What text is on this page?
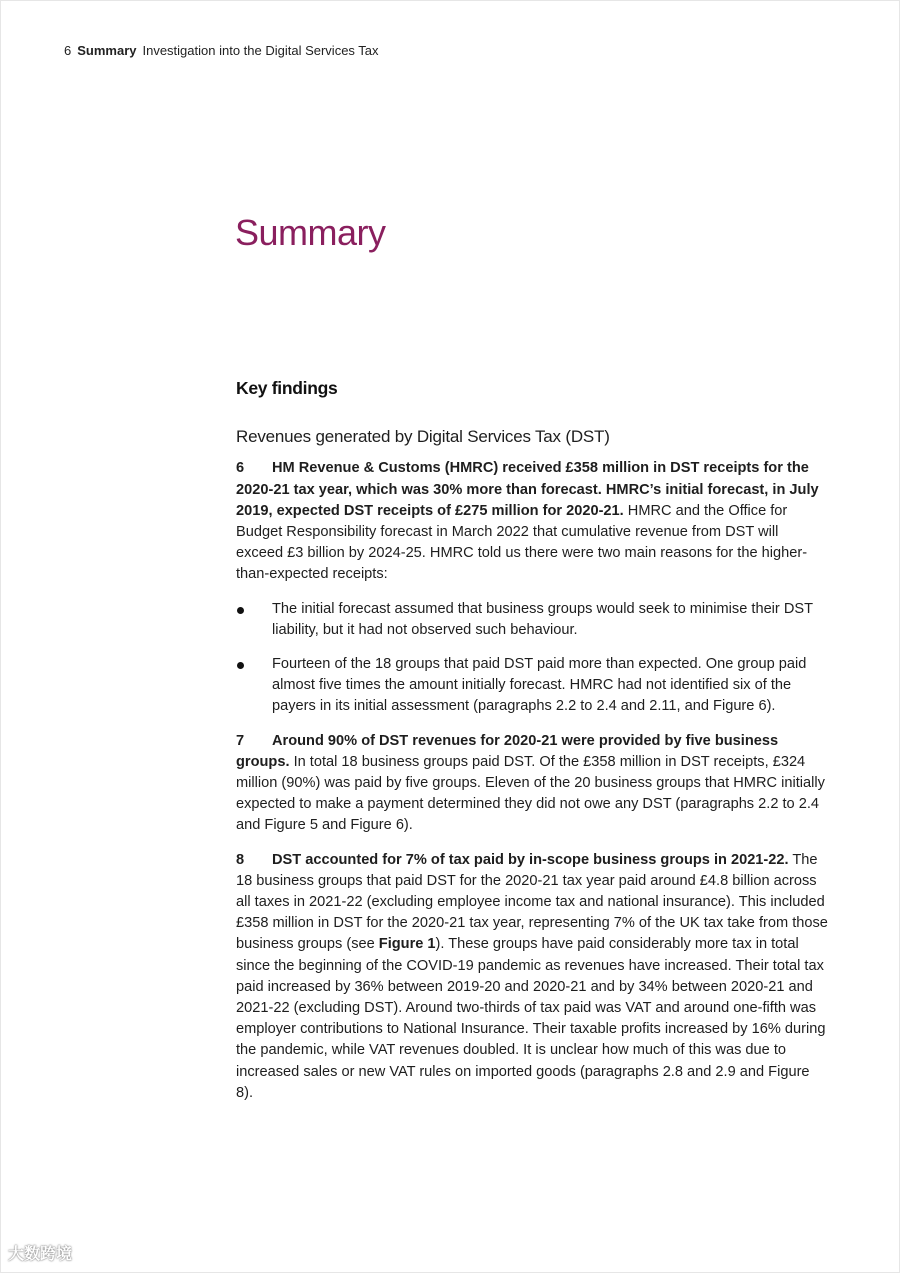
6 Summary Investigation into the Digital Services Tax
Summary
Key findings
Revenues generated by Digital Services Tax (DST)

6 HM Revenue & Customs (HMRC) received £358 million in DST receipts for the 2020-21 tax year, which was 30% more than forecast. HMRC’s initial forecast, in July 2019, expected DST receipts of £275 million for 2020-21. HMRC and the Office for Budget Responsibility forecast in March 2022 that cumulative revenue from DST will exceed £3 billion by 2024-25. HMRC told us there were two main reasons for the higher-than-expected receipts:

The initial forecast assumed that business groups would seek to minimise their DST liability, but it had not observed such behaviour.
Fourteen of the 18 groups that paid DST paid more than expected. One group paid almost five times the amount initially forecast. HMRC had not identified six of the payers in its initial assessment (paragraphs 2.2 to 2.4 and 2.11, and Figure 6).

7 Around 90% of DST revenues for 2020-21 were provided by five business groups. In total 18 business groups paid DST. Of the £358 million in DST receipts, £324 million (90%) was paid by five groups. Eleven of the 20 business groups that HMRC initially expected to make a payment determined they did not owe any DST (paragraphs 2.2 to 2.4 and Figure 5 and Figure 6).

8 DST accounted for 7% of tax paid by in-scope business groups in 2021-22. The 18 business groups that paid DST for the 2020-21 tax year paid around £4.8 billion across all taxes in 2021-22 (excluding employee income tax and national insurance). This included £358 million in DST for the 2020-21 tax year, representing 7% of the UK tax take from those business groups (see Figure 1). These groups have paid considerably more tax in total since the beginning of the COVID-19 pandemic as revenues have increased. Their total tax paid increased by 36% between 2019-20 and 2020-21 and by 34% between 2020-21 and 2021-22 (excluding DST). Around two-thirds of tax paid was VAT and around one-fifth was employer contributions to National Insurance. Their taxable profits increased by 16% during the pandemic, while VAT revenues doubled. It is unclear how much of this was due to increased sales or new VAT rules on imported goods (paragraphs 2.8 and 2.9 and Figure 8).

大数跨境
